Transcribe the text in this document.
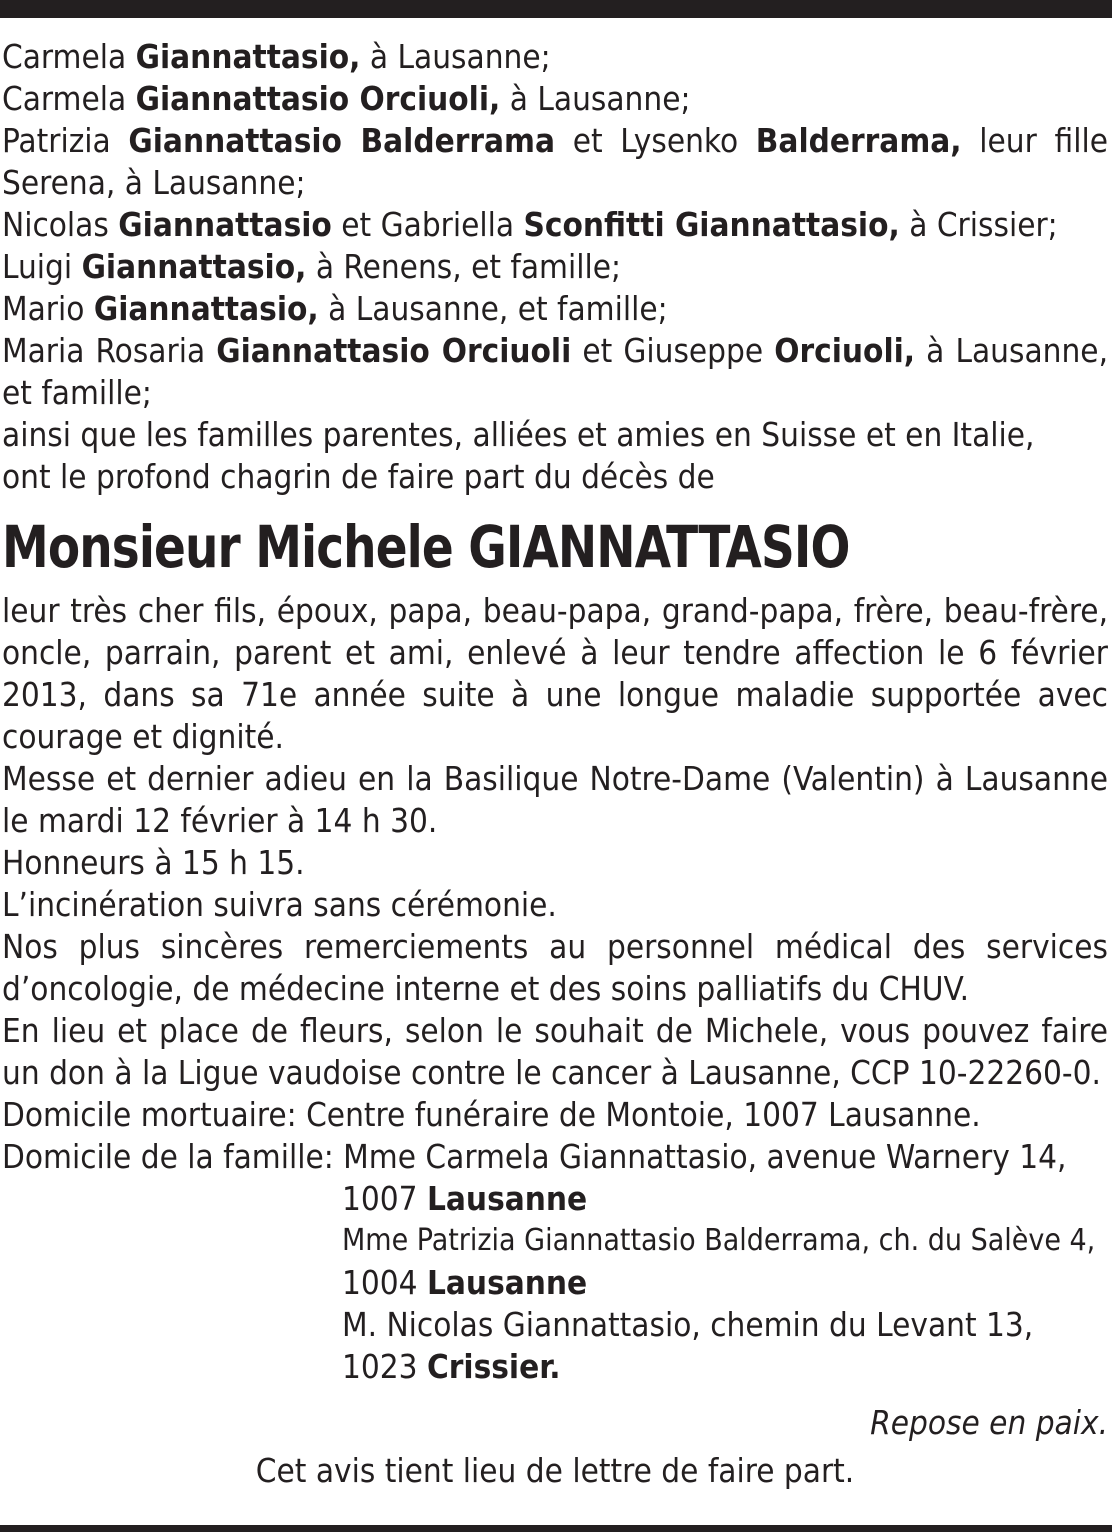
Carmela Giannattasio, à Lausanne;

Carmela Giannattasio Orciuoli, à Lausanne;

Patrizia Giannattasio Balderrama et Lysenko Balderrama, leur fille Serena, à Lausanne;

Nicolas Giannattasio et Gabriella Sconfitti Giannattasio, à Crissier;

Luigi Giannattasio, à Renens, et famille;

Mario Giannattasio, à Lausanne, et famille;

Maria Rosaria Giannattasio Orciuoli et Giuseppe Orciuoli, à Lausanne, et famille;

ainsi que les familles parentes, alliées et amies en Suisse et en Italie,

ont le profond chagrin de faire part du décès de

Monsieur Michele GIANNATTASIO

leur très cher fils, époux, papa, beau-papa, grand-papa, frère, beau-frère, oncle, parrain, parent et ami, enlevé à leur tendre affection le 6 février 2013, dans sa 71e année suite à une longue maladie supportée avec courage et dignité.

Messe et dernier adieu en la Basilique Notre-Dame (Valentin) à Lausanne le mardi 12 février à 14 h 30.

Honneurs à 15 h 15.

L’incinération suivra sans cérémonie.

Nos plus sincères remerciements au personnel médical des services d’oncologie, de médecine interne et des soins palliatifs du CHUV.

En lieu et place de fleurs, selon le souhait de Michele, vous pouvez faire un don à la Ligue vaudoise contre le cancer à Lausanne, CCP 10-22260-0.

Domicile mortuaire: Centre funéraire de Montoie, 1007 Lausanne.

Domicile de la famille: Mme Carmela Giannattasio, avenue Warnery 14,

1007 Lausanne

Mme Patrizia Giannattasio Balderrama, ch. du Salève 4,

1004 Lausanne

M. Nicolas Giannattasio, chemin du Levant 13,

1023 Crissier.

Repose en paix.

Cet avis tient lieu de lettre de faire part.
